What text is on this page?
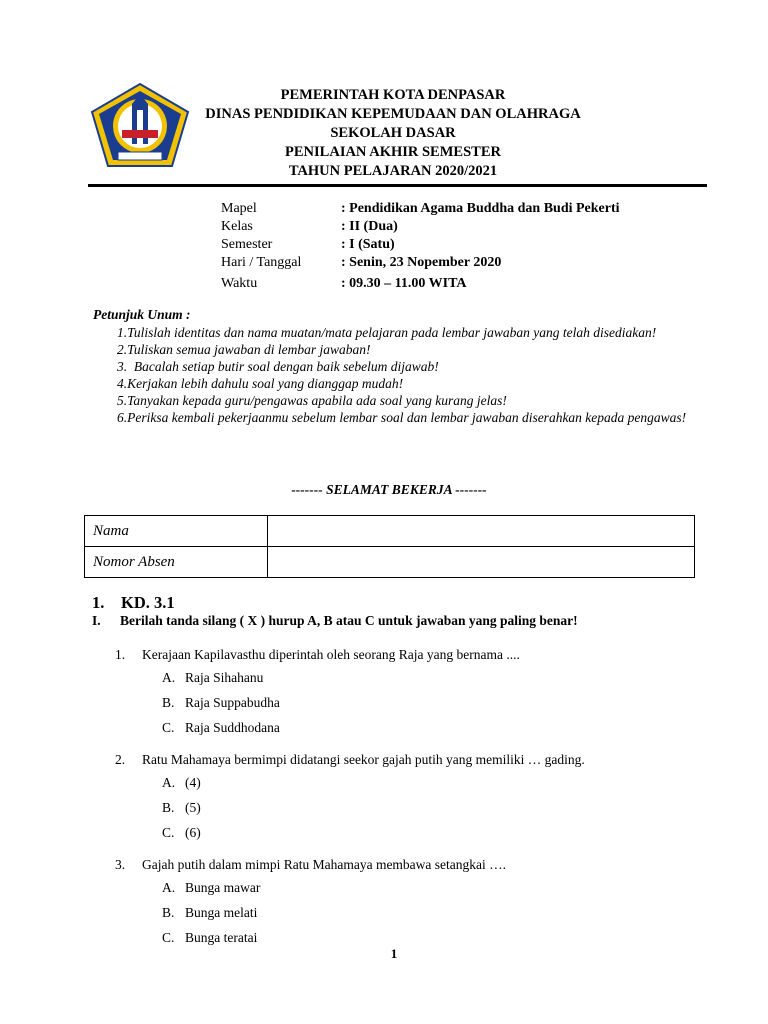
PEMERINTAH KOTA DENPASAR
DINAS PENDIDIKAN KEPEMUDAAN DAN OLAHRAGA
SEKOLAH DASAR
PENILAIAN AKHIR SEMESTER
TAHUN PELAJARAN 2020/2021
Mapel	: Pendidikan Agama Buddha dan Budi Pekerti
Kelas	: II (Dua)
Semester	: I (Satu)
Hari / Tanggal	: Senin, 23 Nopember 2020
Waktu	: 09.30 – 11.00 WITA
Petunjuk Unum :
1.Tulislah identitas dan nama muatan/mata pelajaran pada lembar jawaban yang telah disediakan!
2.Tuliskan semua jawaban di lembar jawaban!
3.  Bacalah setiap butir soal dengan baik sebelum dijawab!
4.Kerjakan lebih dahulu soal yang dianggap mudah!
5.Tanyakan kepada guru/pengawas apabila ada soal yang kurang jelas!
6.Periksa kembali pekerjaanmu sebelum lembar soal dan lembar jawaban diserahkan kepada pengawas!
------- SELAMAT BEKERJA -------
Nama	
Nomor Absen	
1. KD. 3.1
I. Berilah tanda silang ( X ) hurup A, B atau C untuk jawaban yang paling benar!
1. Kerajaan Kapilavasthu diperintah oleh seorang Raja yang bernama ....
A. Raja Sihahanu
B. Raja Suppabudha
C. Raja Suddhodana
2. Ratu Mahamaya bermimpi didatangi seekor gajah putih yang memiliki … gading.
A. (4)
B. (5)
C. (6)
3. Gajah putih dalam mimpi Ratu Mahamaya membawa setangkai ….
A. Bunga mawar
B. Bunga melati
C. Bunga teratai
1
